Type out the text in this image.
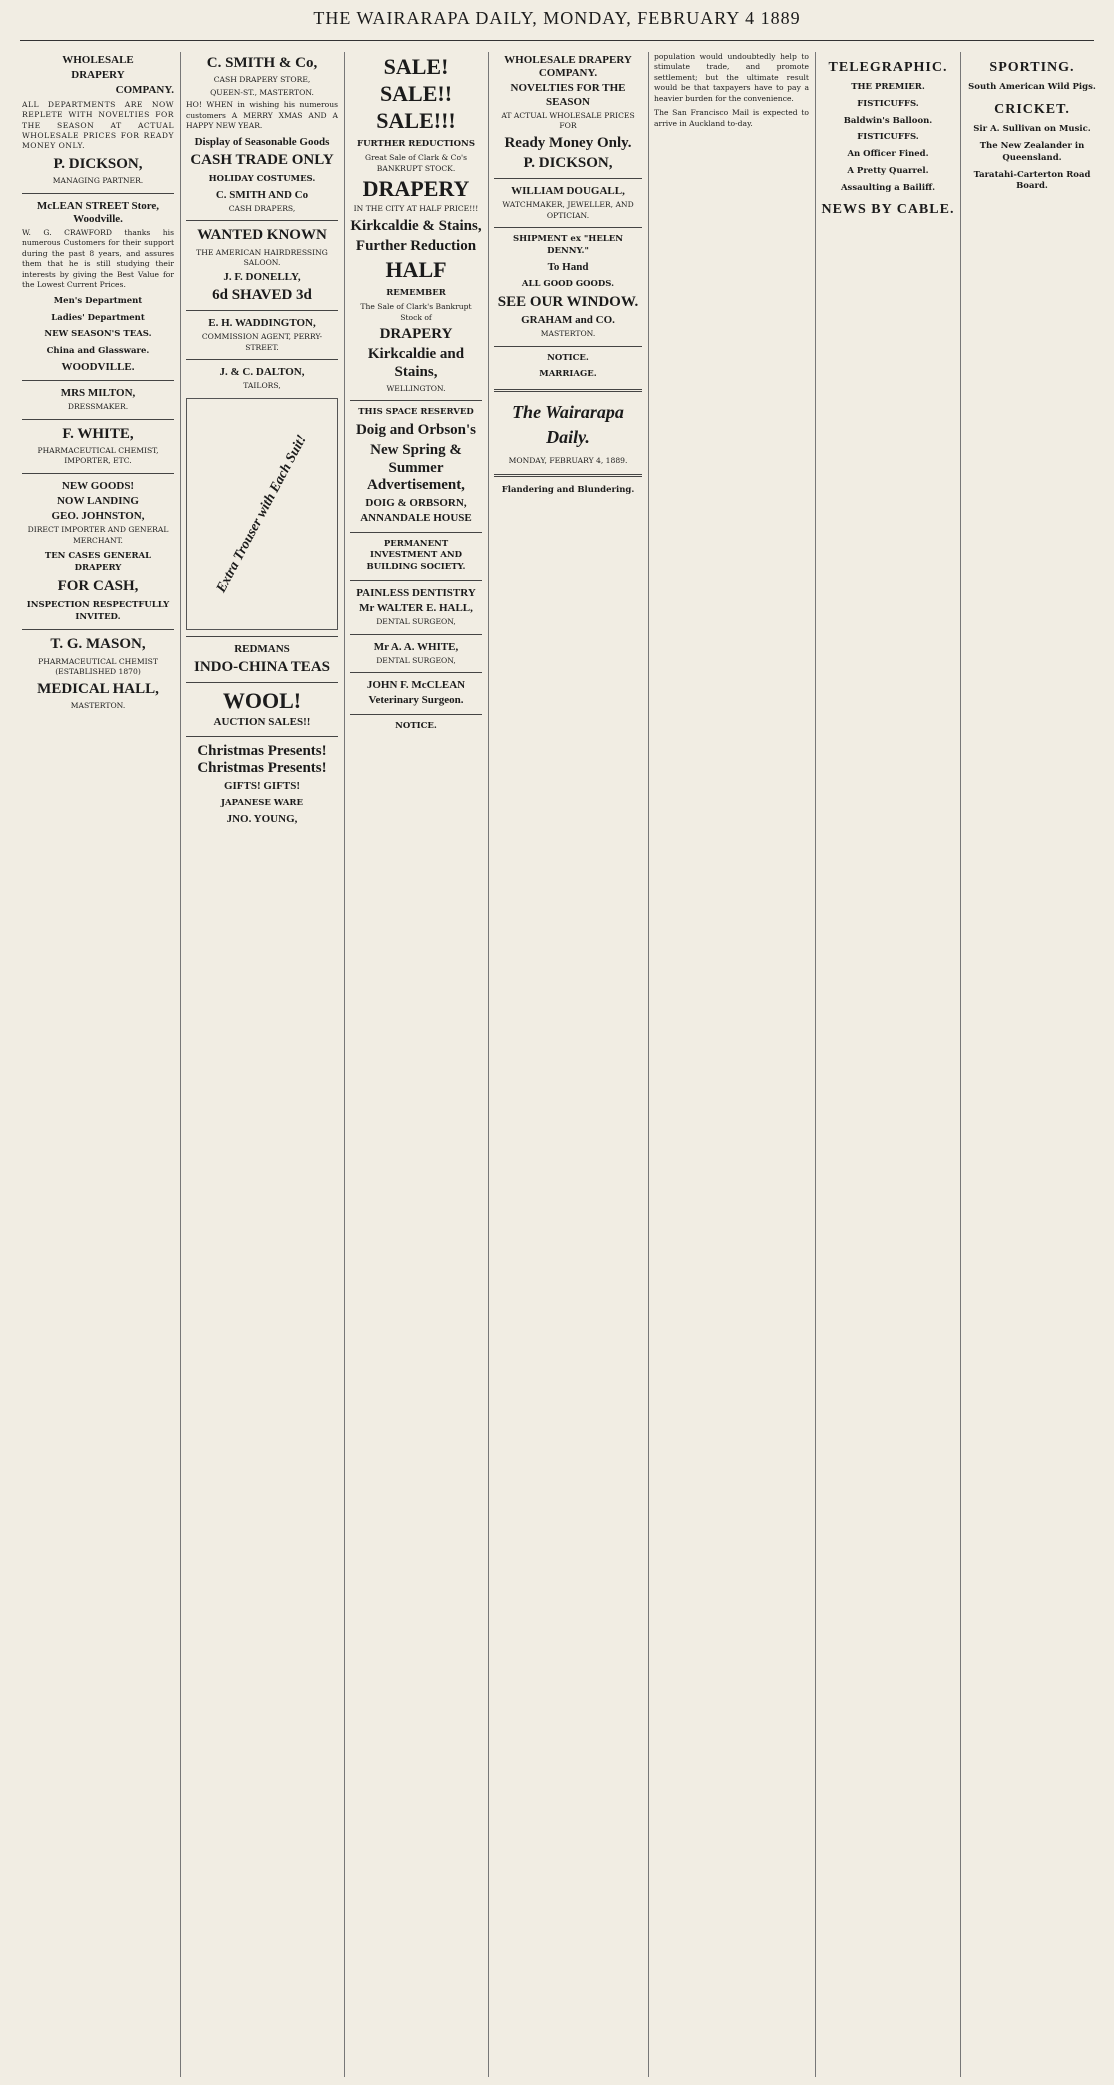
THE WAIRARAPA DAILY, MONDAY, FEBRUARY 4 1889
WHOLESALE
DRAPERY
COMPANY.

ALL DEPARTMENTS ARE NOW REPLETE WITH NOVELTIES FOR THE SEASON AT ACTUAL WHOLESALE PRICES FOR READY MONEY ONLY.

P. DICKSON,
MANAGING PARTNER.
McLEAN STREET Store, Woodville.

W. G. CRAWFORD thanks his numerous Customers for their support during the past 8 years, and assures them that he is still studying their interests by giving the Best Value for the Lowest Current Prices.

Men's Department
Ladies' Department
NEW SEASON'S TEAS.
China and Glassware.
WOODVILLE.
MRS MILTON,
DRESSMAKER.
F. WHITE,
PHARMACEUTICAL CHEMIST, IMPORTER, ETC.
NEW GOODS!
NOW LANDING
GEO. JOHNSTON,
DIRECT IMPORTER AND GENERAL MERCHANT.
TEN CASES GENERAL DRAPERY
FOR CASH,
INSPECTION RESPECTFULLY INVITED.
T. G. MASON,
PHARMACEUTICAL CHEMIST (ESTABLISHED 1870)
MEDICAL HALL,
MASTERTON.
C. SMITH & Co,
CASH DRAPERY STORE,
QUEEN-ST., MASTERTON.

HO! WHEN in wishing his numerous customers A MERRY XMAS AND A HAPPY NEW YEAR.

Display of Seasonable Goods
CASH TRADE ONLY
HOLIDAY COSTUMES.
C. SMITH AND Co
CASH DRAPERS,
WANTED KNOWN
THE AMERICAN HAIRDRESSING SALOON.
J. F. DONELLY,
6d SHAVED 3d
E. H. WADDINGTON,
COMMISSION AGENT, PERRY-STREET.
J. & C. DALTON,
TAILORS,
Extra Trouser with Each Suit!
REDMANS
INDO-CHINA TEAS
WOOL!
AUCTION SALES!!
Christmas Presents! Christmas Presents!
GIFTS! GIFTS!
JAPANESE WARE
JNO. YOUNG,
SALE!
SALE!!
SALE!!!
FURTHER REDUCTIONS
Great Sale of Clark & Co's BANKRUPT STOCK.
DRAPERY
IN THE CITY AT HALF PRICE!!!
Kirkcaldie & Stains,
Further Reduction
HALF
REMEMBER
The Sale of Clark's Bankrupt Stock of
DRAPERY
Kirkcaldie and Stains,
WELLINGTON.
THIS SPACE RESERVED
Doig and Orbson's
New Spring & Summer Advertisement,
DOIG & ORBSORN,
ANNANDALE HOUSE
PERMANENT INVESTMENT AND BUILDING SOCIETY.
PAINLESS DENTISTRY
Mr WALTER E. HALL,
DENTAL SURGEON,
Mr A. A. WHITE,
DENTAL SURGEON,
JOHN F. McCLEAN
Veterinary Surgeon.
NOTICE.
WHOLESALE DRAPERY COMPANY.
NOVELTIES FOR THE SEASON
AT ACTUAL WHOLESALE PRICES FOR
Ready Money Only.
P. DICKSON,
WILLIAM DOUGALL,
WATCHMAKER, JEWELLER, AND OPTICIAN.
SHIPMENT ex "HELEN DENNY."
To Hand
ALL GOOD GOODS.
SEE OUR WINDOW.
GRAHAM and CO.
MASTERTON.
NOTICE.
MARRIAGE.
The Wairarapa Daily.
MONDAY, FEBRUARY 4, 1889.
Flandering and Blundering.

population would undoubtedly help to stimulate trade, and promote settlement; but the ultimate result would be that taxpayers have to pay a heavier burden for the convenience.

The San Francisco Mail is expected to arrive in Auckland to-day.

TELEGRAPHIC.
THE PREMIER.
FISTICUFFS.
Baldwin's Balloon.
FISTICUFFS.
An Officer Fined.
A Pretty Quarrel.
Assaulting a Bailiff.
NEWS BY CABLE.
SPORTING.
South American Wild Pigs.
CRICKET.
Sir A. Sullivan on Music.
The New Zealander in Queensland.
Taratahi-Carterton Road Board.
